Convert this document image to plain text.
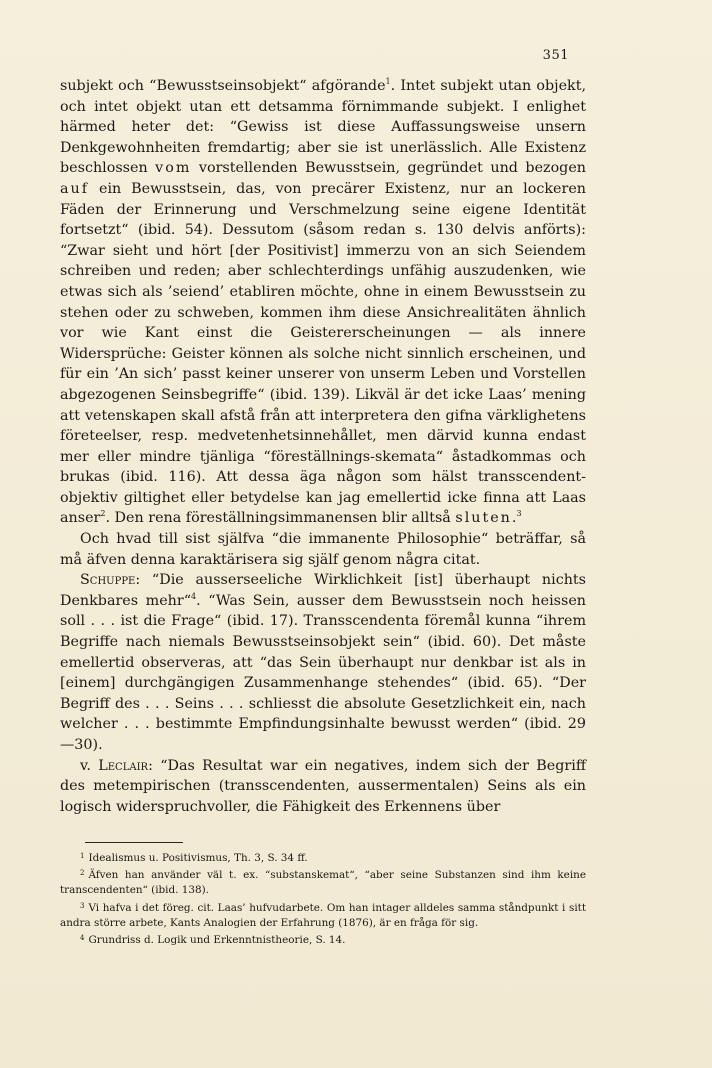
351

subjekt och “Bewusstseinsobjekt“ afgörande$^1$. Intet subjekt utan objekt, och intet objekt utan ett detsamma förnimmande subjekt. I enlighet härmed heter det: “Gewiss ist diese Auffassungsweise unsern Denkgewohnheiten fremdartig; aber sie ist unerlässlich. Alle Existenz beschlossen vom vorstellenden Bewusstsein, gegründet und bezogen auf ein Bewusstsein, das, von precärer Existenz, nur an lockeren Fäden der Erinnerung und Verschmelzung seine eigene Identität fortsetzt“ (ibid. 54). Dessutom (såsom redan s. 130 delvis anförts): “Zwar sieht und hört [der Positivist] immerzu von an sich Seiendem schreiben und reden; aber schlechterdings unfähig auszudenken, wie etwas sich als ’seiend’ etabliren möchte, ohne in einem Bewusstsein zu stehen oder zu schweben, kommen ihm diese Ansichrealitäten ähnlich vor wie Kant einst die Geistererscheinungen — als innere Widersprüche: Geister können als solche nicht sinnlich erscheinen, und für ein ’An sich’ passt keiner unserer von unserm Leben und Vorstellen abgezogenen Seinsbegriffe“ (ibid. 139). Likväl är det icke Laas’ mening att vetenskapen skall afstå från att interpretera den gifna värklighetens företeelser, resp. medvetenhetsinnehållet, men därvid kunna endast mer eller mindre tjänliga “föreställnings-skemata“ åstadkommas och brukas (ibid. 116). Att dessa äga någon som hälst transscendent-objektiv giltighet eller betydelse kan jag emellertid icke finna att Laas anser$^2$. Den rena föreställningsimmanensen blir alltså sluten.$^3$

Och hvad till sist själfva “die immanente Philosophie“ beträffar, så må äfven denna karaktärisera sig själf genom några citat.

Schuppe: “Die ausserseeliche Wirklichkeit [ist] überhaupt nichts Denkbares mehr“$^4$. “Was Sein, ausser dem Bewusstsein noch heissen soll . . . ist die Frage“ (ibid. 17). Transscendenta föremål kunna “ihrem Begriffe nach niemals Bewusstseinsobjekt sein“ (ibid. 60). Det måste emellertid observeras, att “das Sein überhaupt nur denkbar ist als in [einem] durchgängigen Zusammenhange stehendes“ (ibid. 65). “Der Begriff des . . . Seins . . . schliesst die absolute Gesetzlichkeit ein, nach welcher . . . bestimmte Empfindungsinhalte bewusst werden“ (ibid. 29—30).

v. Leclair: “Das Resultat war ein negatives, indem sich der Begriff des metempirischen (transscendenten, aussermentalen) Seins als ein logisch widerspruchvoller, die Fähigkeit des Erkennens über

$^1$ Idealismus u. Positivismus, Th. 3, S. 34 ff.

$^2$ Äfven han använder väl t. ex. “substanskemat“, “aber seine Substanzen sind ihm keine transcendenten“ (ibid. 138).

$^3$ Vi hafva i det föreg. cit. Laas’ hufvudarbete. Om han intager alldeles samma ståndpunkt i sitt andra större arbete, Kants Analogien der Erfahrung (1876), är en fråga för sig.

$^4$ Grundriss d. Logik und Erkenntnistheorie, S. 14.
